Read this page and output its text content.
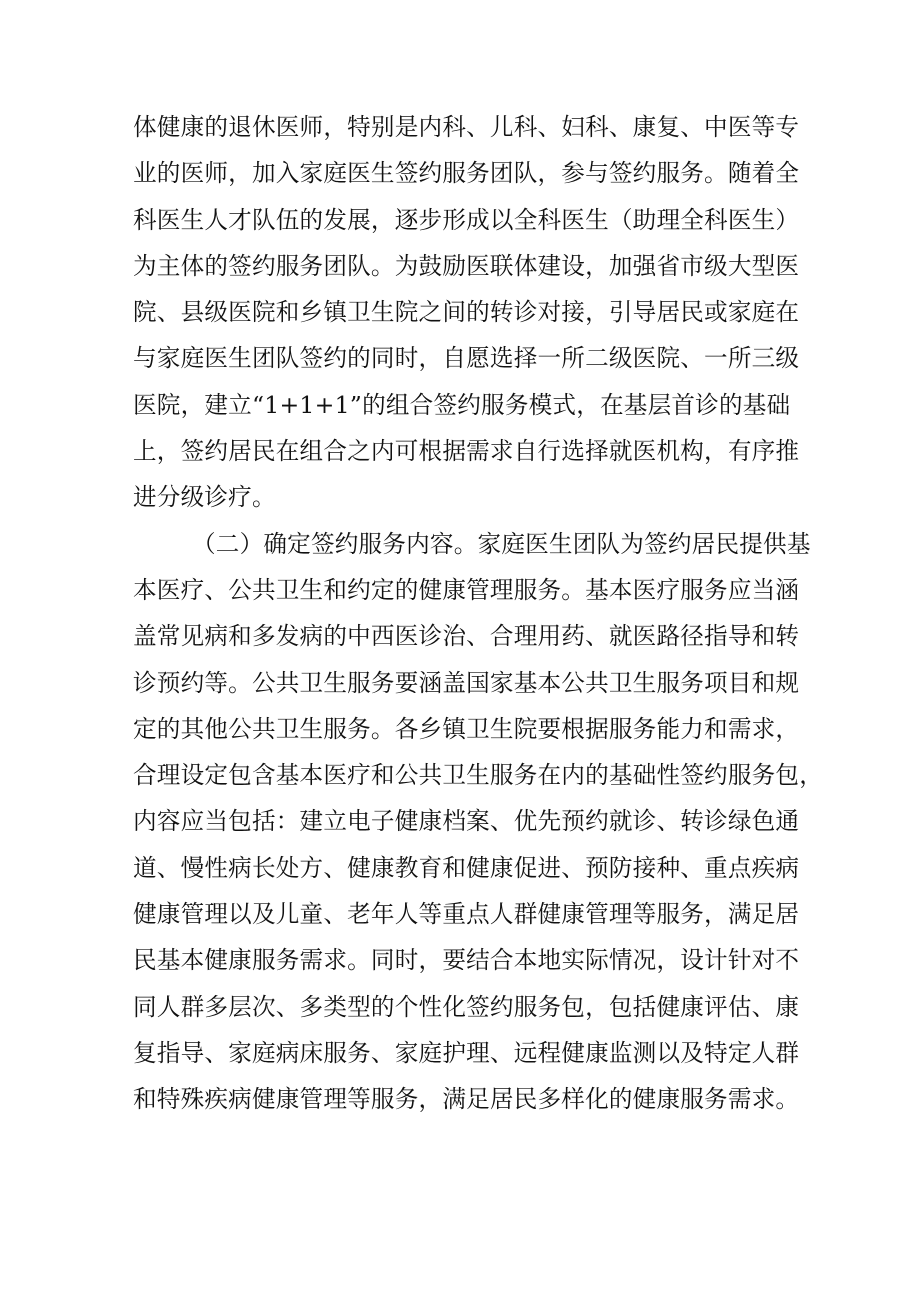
体健康的退休医师，特别是内科、儿科、妇科、康复、中医等专
业的医师，加入家庭医生签约服务团队，参与签约服务。随着全
科医生人才队伍的发展，逐步形成以全科医生（助理全科医生）
为主体的签约服务团队。为鼓励医联体建设，加强省市级大型医
院、县级医院和乡镇卫生院之间的转诊对接，引导居民或家庭在
与家庭医生团队签约的同时，自愿选择一所二级医院、一所三级
医院，建立“1+1+1”的组合签约服务模式，在基层首诊的基础
上，签约居民在组合之内可根据需求自行选择就医机构，有序推
进分级诊疗。
（二）确定签约服务内容。家庭医生团队为签约居民提供基
本医疗、公共卫生和约定的健康管理服务。基本医疗服务应当涵
盖常见病和多发病的中西医诊治、合理用药、就医路径指导和转
诊预约等。公共卫生服务要涵盖国家基本公共卫生服务项目和规
定的其他公共卫生服务。各乡镇卫生院要根据服务能力和需求，
合理设定包含基本医疗和公共卫生服务在内的基础性签约服务包，
内容应当包括：建立电子健康档案、优先预约就诊、转诊绿色通
道、慢性病长处方、健康教育和健康促进、预防接种、重点疾病
健康管理以及儿童、老年人等重点人群健康管理等服务，满足居
民基本健康服务需求。同时，要结合本地实际情况，设计针对不
同人群多层次、多类型的个性化签约服务包，包括健康评估、康
复指导、家庭病床服务、家庭护理、远程健康监测以及特定人群
和特殊疾病健康管理等服务，满足居民多样化的健康服务需求。
